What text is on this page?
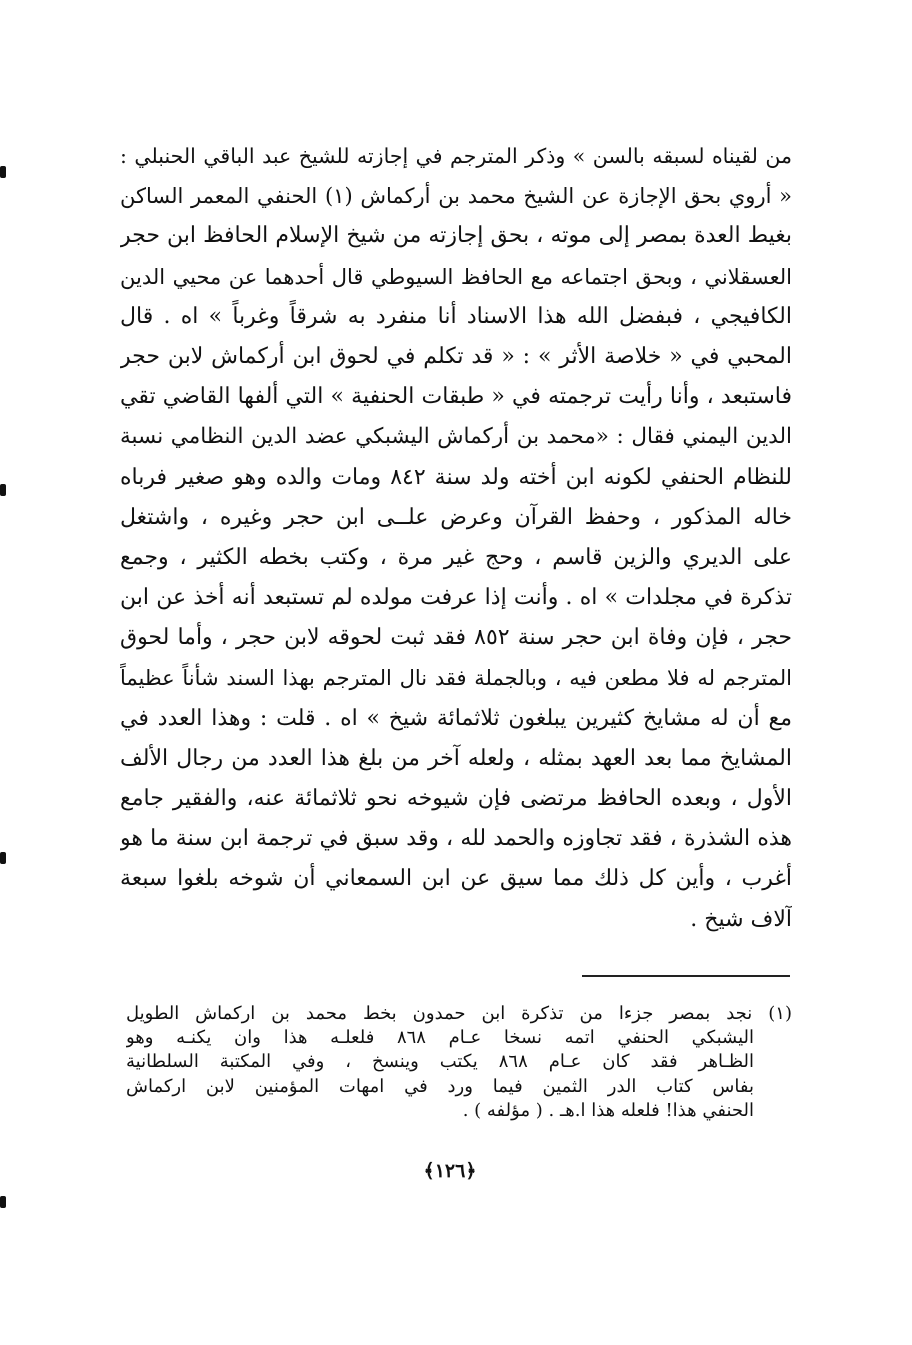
من لقيناه لسبقه بالسن » وذكر المترجم في إجازته للشيخ عبد الباقي الحنبلي :
« أروي بحق الإجازة عن الشيخ محمد بن أركماش (١) الحنفي المعمر الساكن
بغيط العدة بمصر إلى موته ، بحق إجازته من شيخ الإسلام الحافظ ابن حجر
العسقلاني ، وبحق اجتماعه مع الحافظ السيوطي قال أحدهما عن محيي الدين
الكافيجي ، فبفضل الله هذا الاسناد أنا منفرد به شرقاً وغرباً » اه . قال
المحبي في « خلاصة الأثر » : « قد تكلم في لحوق ابن أركماش لابن حجر
فاستبعد ، وأنا رأيت ترجمته في « طبقات الحنفية » التي ألفها القاضي تقي
الدين اليمني فقال : «محمد بن أركماش اليشبكي عضد الدين النظامي نسبة
للنظام الحنفي لكونه ابن أخته ولد سنة ٨٤٢ ومات والده وهو صغير فرباه
خاله المذكور ، وحفظ القرآن وعرض علــى ابن حجر وغيره ، واشتغل
على الديري والزين قاسم ، وحج غير مرة ، وكتب بخطه الكثير ، وجمع
تذكرة في مجلدات » اه . وأنت إذا عرفت مولده لم تستبعد أنه أخذ عن ابن
حجر ، فإن وفاة ابن حجر سنة ٨٥٢ فقد ثبت لحوقه لابن حجر ، وأما لحوق
المترجم له فلا مطعن فيه ، وبالجملة فقد نال المترجم بهذا السند شأناً عظيماً
مع أن له مشايخ كثيرين يبلغون ثلاثمائة شيخ » اه . قلت : وهذا العدد في
المشايخ مما بعد العهد بمثله ، ولعله آخر من بلغ هذا العدد من رجال الألف
الأول ، وبعده الحافظ مرتضى فإن شيوخه نحو ثلاثمائة عنه، والفقير جامع
هذه الشذرة ، فقد تجاوزه والحمد لله ، وقد سبق في ترجمة ابن سنة ما هو
أغرب ، وأين كل ذلك مما سيق عن ابن السمعاني أن شوخه بلغوا سبعة
آلاف شيخ .
(١) نجد بمصر جزءا من تذكرة ابن حمدون بخط محمد بن اركماش الطويل
اليشبكي الحنفي اتمه نسخا عـام ٨٦٨ فلعلـه هذا وان يكنـه وهو
الظـاهر فقد كان عـام ٨٦٨ يكتب وينسخ ، وفي المكتبة السلطانية
بفاس كتاب الدر الثمين فيما ورد في امهات المؤمنين لابن اركماش
الحنفي هذا! فلعله هذا ا.هـ . ( مؤلفه ) .
﴿١٢٦﴾
